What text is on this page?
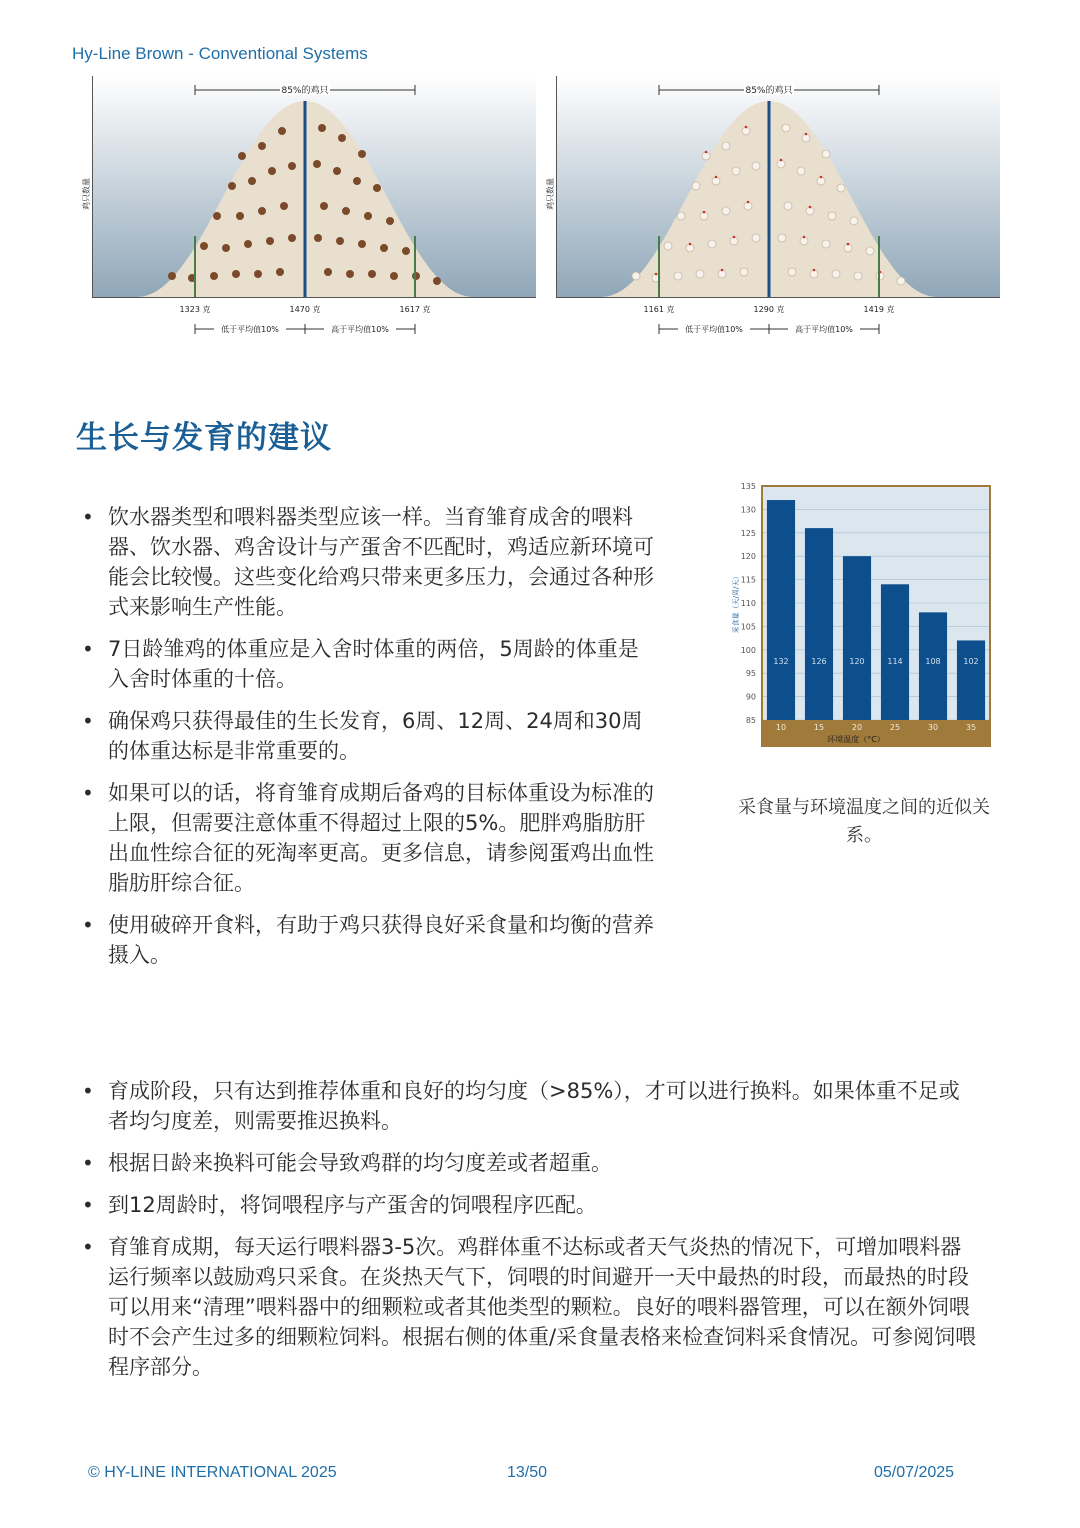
Hy-Line Brown - Conventional Systems
85%的鸡只
鸡只数量
1323 克	1470 克	1617 克
低于平均值10%	高于平均值10%
85%的鸡只
鸡只数量
1161 克	1290 克	1419 克
低于平均值10%	高于平均值10%
生长与发育的建议
• 饮水器类型和喂料器类型应该一样。当育雏育成舍的喂料器、饮水器、鸡舍设计与产蛋舍不匹配时，鸡适应新环境可能会比较慢。这些变化给鸡只带来更多压力，会通过各种形式来影响生产性能。
• 7日龄雏鸡的体重应是入舍时体重的两倍，5周龄的体重是入舍时体重的十倍。
• 确保鸡只获得最佳的生长发育，6周、12周、24周和30周的体重达标是非常重要的。
• 如果可以的话，将育雏育成期后备鸡的目标体重设为标准的上限，但需要注意体重不得超过上限的5%。肥胖鸡脂肪肝出血性综合征的死淘率更高。更多信息，请参阅蛋鸡出血性脂肪肝综合征。
• 使用破碎开食料，有助于鸡只获得良好采食量和均衡的营养摄入。
85
90
95
100
105
110
115
120
125
130
135
132
10
126
15
120
20
114
25
108
30
102
35
环境温度（°C）
采食量（天/周/天）
采食量与环境温度之间的近似关系。
• 育成阶段，只有达到推荐体重和良好的均匀度（>85%），才可以进行换料。如果体重不足或者均匀度差，则需要推迟换料。
• 根据日龄来换料可能会导致鸡群的均匀度差或者超重。
• 到12周龄时，将饲喂程序与产蛋舍的饲喂程序匹配。
• 育雏育成期，每天运行喂料器3-5次。鸡群体重不达标或者天气炎热的情况下，可增加喂料器运行频率以鼓励鸡只采食。在炎热天气下，饲喂的时间避开一天中最热的时段，而最热的时段可以用来“清理”喂料器中的细颗粒或者其他类型的颗粒。良好的喂料器管理，可以在额外饲喂时不会产生过多的细颗粒饲料。根据右侧的体重/采食量表格来检查饲料采食情况。可参阅饲喂程序部分。
© HY-LINE INTERNATIONAL 2025	13/50	05/07/2025
